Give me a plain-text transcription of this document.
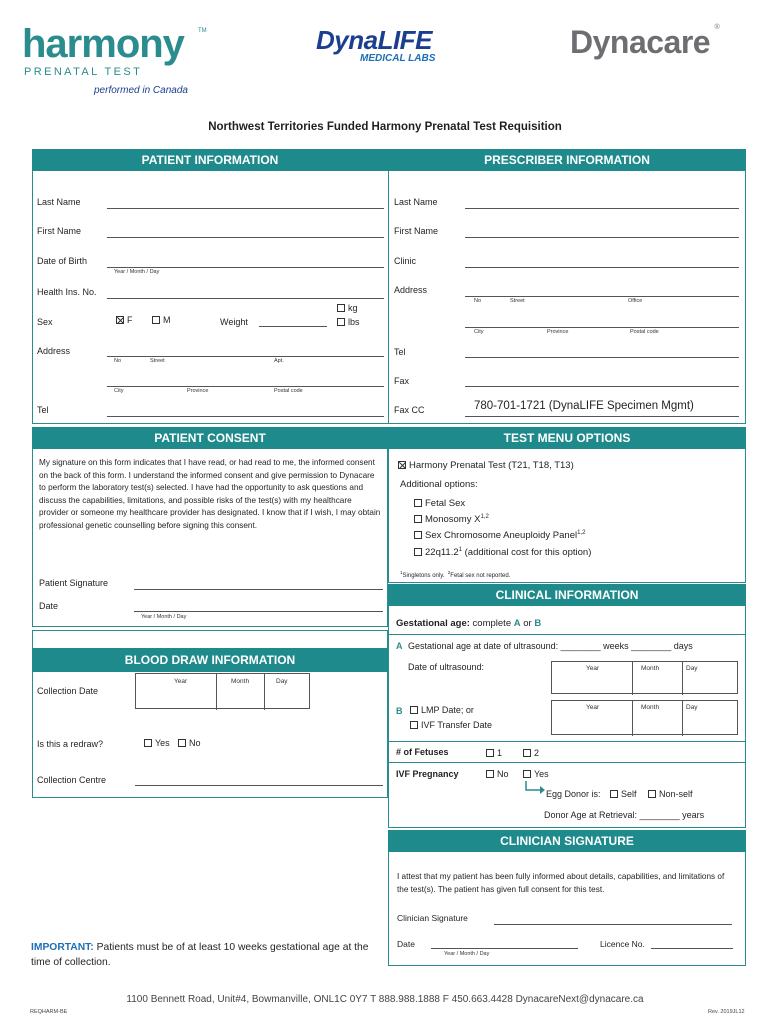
harmony TM
PRENATAL TEST
performed in Canada
DynaLIFE
MEDICAL LABS	Dynacare ®
Northwest Territories Funded Harmony Prenatal Test Requisition
PATIENT INFORMATION	PRESCRIBER INFORMATION
Last Name
First Name
Date of Birth
Year / Month / Day
Health Ins. No.
Sex	F	M	Weight
kg
lbs
Address
No	Street	Apt.
City	Province	Postal code
Tel
Last Name
First Name
Clinic
Address
No	Street	Office
City	Province	Postal code
Tel
Fax
Fax CC	780-701-1721 (DynaLIFE Specimen Mgmt)
PATIENT CONSENT
My signature on this form indicates that I have read, or had read to me, the informed consent on the back of this form. I understand the informed consent and give permission to Dynacare to perform the laboratory test(s) selected. I have had the opportunity to ask questions and discuss the capabilities, limitations, and possible risks of the test(s) with my healthcare provider or someone my healthcare provider has designated. I know that if I wish, I may obtain professional genetic counselling before signing this consent.
Patient Signature
Date
Year / Month / Day
TEST MENU OPTIONS
Harmony Prenatal Test (T21, T18, T13)
Additional options:
Fetal Sex
Monosomy X$^{1,2}$
Sex Chromosome Aneuploidy Panel$^{1,2}$
22q11.2$^1$ (additional cost for this option)
$^1$Singletons only.  $^2$Fetal sex not reported.
CLINICAL INFORMATION
Gestational age: complete A or B
A Gestational age at date of ultrasound: ________ weeks ________ days
Date of ultrasound:	Year	Month	Day
B	LMP Date; or
IVF Transfer Date
Year	Month	Day
# of Fetuses	1	2
IVF Pregnancy	No	Yes
Egg Donor is:	Self	Non-self
Donor Age at Retrieval: ________ years
BLOOD DRAW INFORMATION
Collection Date
Year	Month	Day
Is this a redraw?	Yes	No
Collection Centre
CLINICIAN SIGNATURE
I attest that my patient has been fully informed about details, capabilities, and limitations of the test(s). The patient has given full consent for this test.
Clinician Signature
Date
Year / Month / Day
Licence No.
IMPORTANT: Patients must be of at least 10 weeks gestational age at the time of collection.
1100 Bennett Road, Unit#4, Bowmanville, ONL1C 0Y7 T 888.988.1888 F 450.663.4428 DynacareNext@dynacare.ca
REQHARM-BE	Rev. 2019JL12
